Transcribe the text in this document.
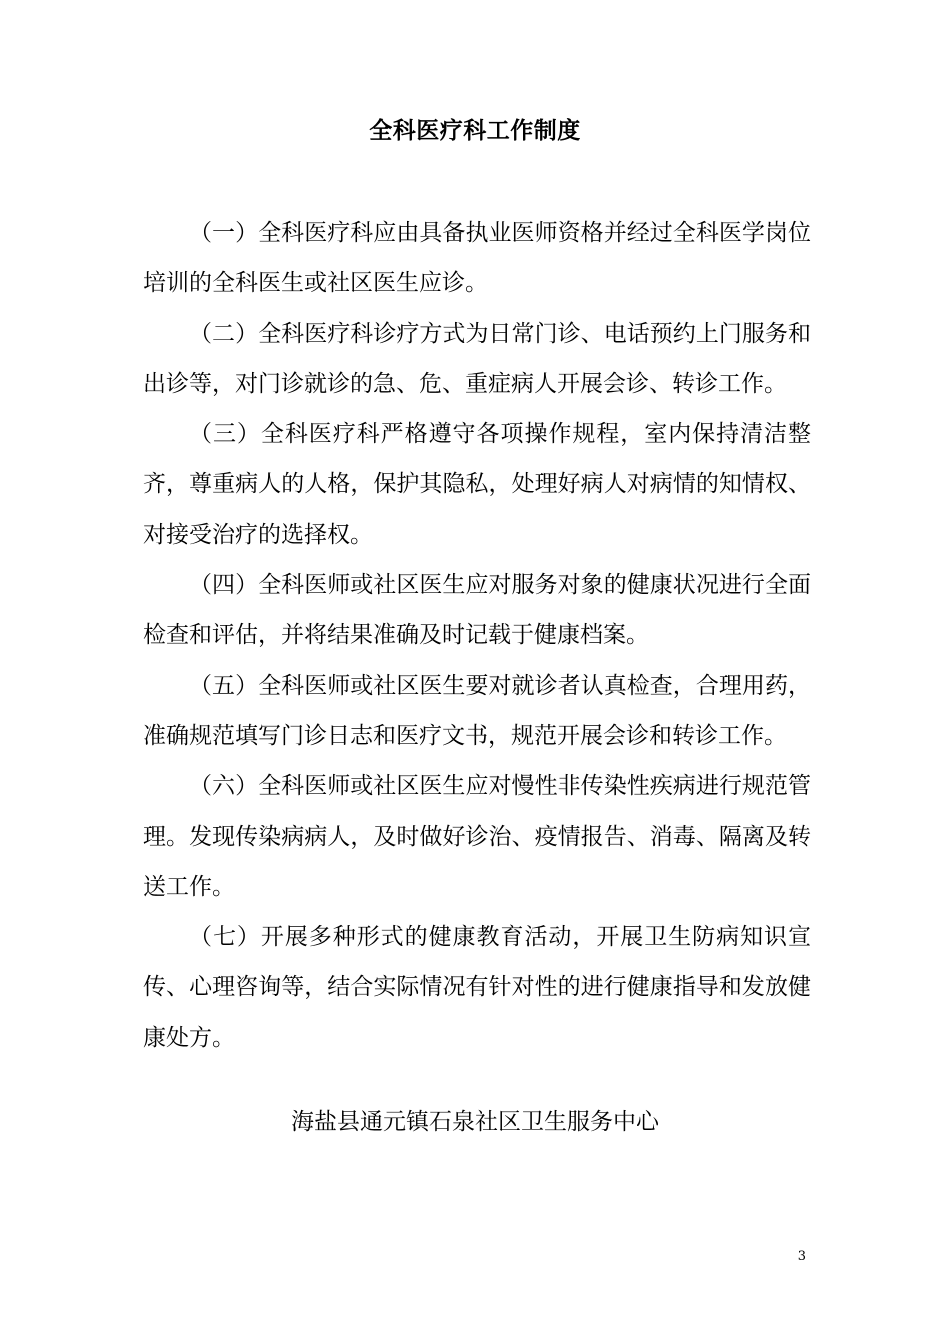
全科医疗科工作制度

（一）全科医疗科应由具备执业医师资格并经过全科医学岗位培训的全科医生或社区医生应诊。

（二）全科医疗科诊疗方式为日常门诊、电话预约上门服务和出诊等，对门诊就诊的急、危、重症病人开展会诊、转诊工作。

（三）全科医疗科严格遵守各项操作规程，室内保持清洁整齐，尊重病人的人格，保护其隐私，处理好病人对病情的知情权、对接受治疗的选择权。

（四）全科医师或社区医生应对服务对象的健康状况进行全面检查和评估，并将结果准确及时记载于健康档案。

（五）全科医师或社区医生要对就诊者认真检查，合理用药，准确规范填写门诊日志和医疗文书，规范开展会诊和转诊工作。

（六）全科医师或社区医生应对慢性非传染性疾病进行规范管理。发现传染病病人，及时做好诊治、疫情报告、消毒、隔离及转送工作。

（七）开展多种形式的健康教育活动，开展卫生防病知识宣传、心理咨询等，结合实际情况有针对性的进行健康指导和发放健康处方。

海盐县通元镇石泉社区卫生服务中心
3
